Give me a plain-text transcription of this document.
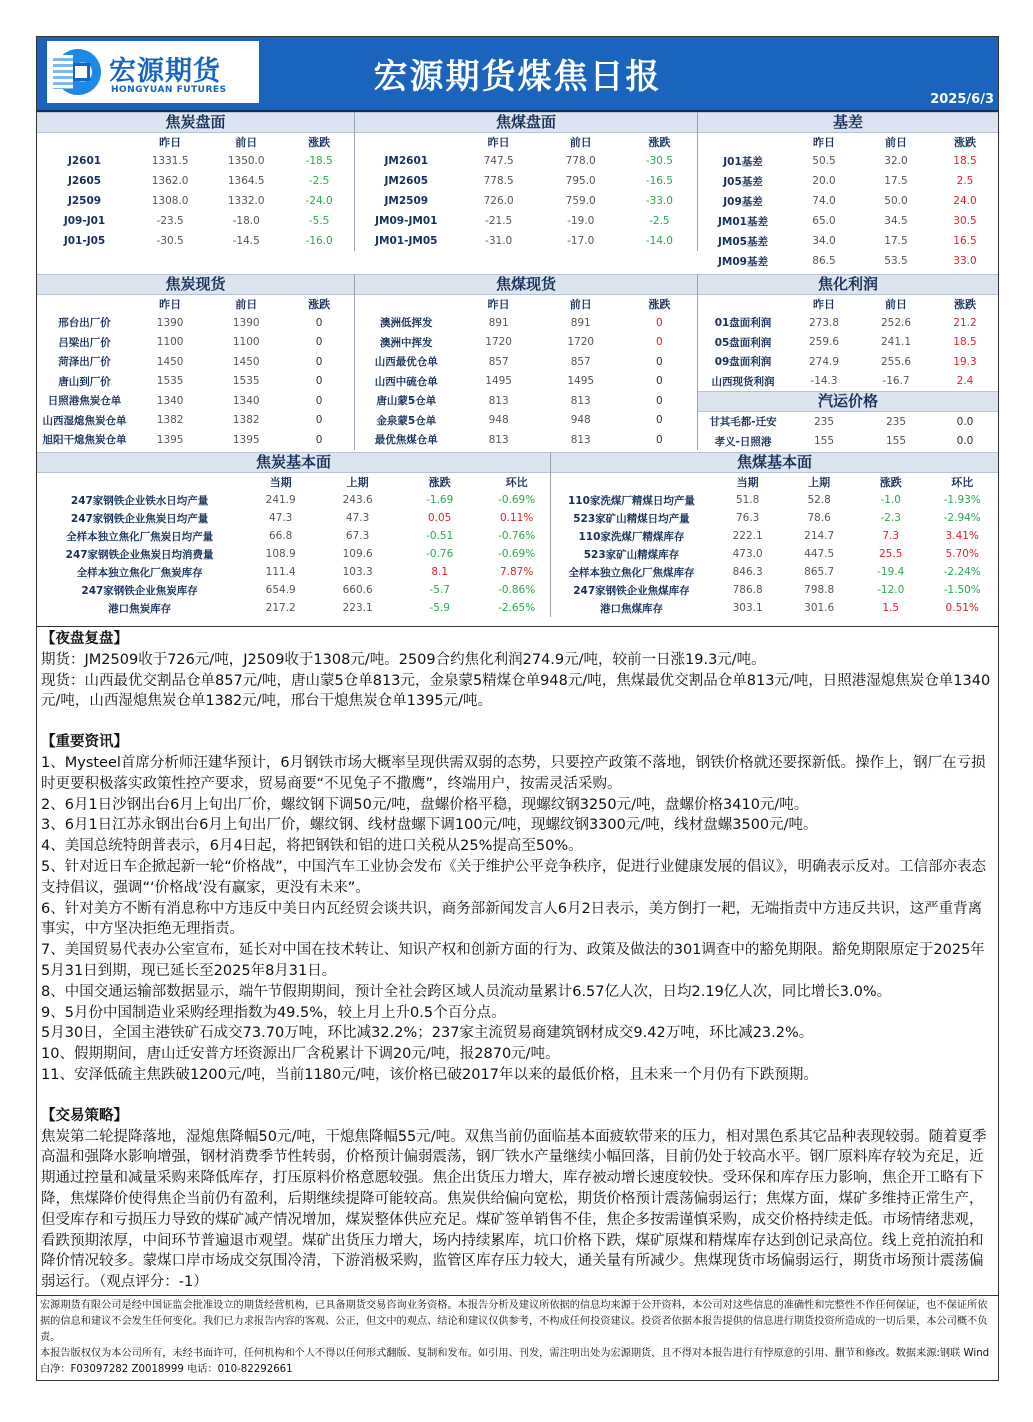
宏源期货
HONGYUAN FUTURES	宏源期货煤焦日报
2025/6/3
焦炭盘面
	昨日	前日	涨跌
J2601	1331.5	1350.0	-18.5
J2605	1362.0	1364.5	-2.5
J2509	1308.0	1332.0	-24.0
J09-J01	-23.5	-18.0	-5.5
J01-J05	-30.5	-14.5	-16.0
焦煤盘面
	昨日	前日	涨跌
JM2601	747.5	778.0	-30.5
JM2605	778.5	795.0	-16.5
JM2509	726.0	759.0	-33.0
JM09-JM01	-21.5	-19.0	-2.5
JM01-JM05	-31.0	-17.0	-14.0
基差
	昨日	前日	涨跌
J01基差	50.5	32.0	18.5
J05基差	20.0	17.5	2.5
J09基差	74.0	50.0	24.0
JM01基差	65.0	34.5	30.5
JM05基差	34.0	17.5	16.5
JM09基差	86.5	53.5	33.0
焦炭现货
	昨日	前日	涨跌
邢台出厂价	1390	1390	0
吕梁出厂价	1100	1100	0
菏泽出厂价	1450	1450	0
唐山到厂价	1535	1535	0
日照港焦炭仓单	1340	1340	0
山西湿熄焦炭仓单	1382	1382	0
旭阳干熄焦炭仓单	1395	1395	0
焦煤现货
	昨日	前日	涨跌
澳洲低挥发	891	891	0
澳洲中挥发	1720	1720	0
山西最优仓单	857	857	0
山西中硫仓单	1495	1495	0
唐山蒙5仓单	813	813	0
金泉蒙5仓单	948	948	0
最优焦煤仓单	813	813	0
焦化利润
	昨日	前日	涨跌
01盘面利润	273.8	252.6	21.2
05盘面利润	259.6	241.1	18.5
09盘面利润	274.9	255.6	19.3
山西现货利润	-14.3	-16.7	2.4
汽运价格
甘其毛都-迁安	235	235	0.0
孝义-日照港	155	155	0.0
焦炭基本面
	当期	上期	涨跌	环比
247家钢铁企业铁水日均产量	241.9	243.6	-1.69	-0.69%
247家钢铁企业焦炭日均产量	47.3	47.3	0.05	0.11%
全样本独立焦化厂焦炭日均产量	66.8	67.3	-0.51	-0.76%
247家钢铁企业焦炭日均消费量	108.9	109.6	-0.76	-0.69%
全样本独立焦化厂焦炭库存	111.4	103.3	8.1	7.87%
247家钢铁企业焦炭库存	654.9	660.6	-5.7	-0.86%
港口焦炭库存	217.2	223.1	-5.9	-2.65%
焦煤基本面
	当期	上期	涨跌	环比
110家洗煤厂精煤日均产量	51.8	52.8	-1.0	-1.93%
523家矿山精煤日均产量	76.3	78.6	-2.3	-2.94%
110家洗煤厂精煤库存	222.1	214.7	7.3	3.41%
523家矿山精煤库存	473.0	447.5	25.5	5.70%
全样本独立焦化厂焦煤库存	846.3	865.7	-19.4	-2.24%
247家钢铁企业焦煤库存	786.8	798.8	-12.0	-1.50%
港口焦煤库存	303.1	301.6	1.5	0.51%

【夜盘复盘】

期货：JM2509收于726元/吨，J2509收于1308元/吨。2509合约焦化利润274.9元/吨，较前一日涨19.3元/吨。

现货：山西最优交割品仓单857元/吨，唐山蒙5仓单813元，金泉蒙5精煤仓单948元/吨，焦煤最优交割品仓单813元/吨，日照港湿熄焦炭仓单1340元/吨，山西湿熄焦炭仓单1382元/吨，邢台干熄焦炭仓单1395元/吨。

【重要资讯】

1、Mysteel首席分析师汪建华预计，6月钢铁市场大概率呈现供需双弱的态势，只要控产政策不落地，钢铁价格就还要探新低。操作上，钢厂在亏损时更要积极落实政策性控产要求，贸易商要“不见兔子不撒鹰”，终端用户，按需灵活采购。

2、6月1日沙钢出台6月上旬出厂价，螺纹钢下调50元/吨，盘螺价格平稳，现螺纹钢3250元/吨，盘螺价格3410元/吨。

3、6月1日江苏永钢出台6月上旬出厂价，螺纹钢、线材盘螺下调100元/吨，现螺纹钢3300元/吨，线材盘螺3500元/吨。

4、美国总统特朗普表示，6月4日起，将把钢铁和铝的进口关税从25%提高至50%。

5、针对近日车企掀起新一轮“价格战”，中国汽车工业协会发布《关于维护公平竞争秩序，促进行业健康发展的倡议》，明确表示反对。工信部亦表态支持倡议，强调“‘价格战’没有赢家，更没有未来”。

6、针对美方不断有消息称中方违反中美日内瓦经贸会谈共识，商务部新闻发言人6月2日表示，美方倒打一耙，无端指责中方违反共识，这严重背离事实，中方坚决拒绝无理指责。

7、美国贸易代表办公室宣布，延长对中国在技术转让、知识产权和创新方面的行为、政策及做法的301调查中的豁免期限。豁免期限原定于2025年5月31日到期，现已延长至2025年8月31日。

8、中国交通运输部数据显示，端午节假期期间，预计全社会跨区域人员流动量累计6.57亿人次，日均2.19亿人次，同比增长3.0%。

9、5月份中国制造业采购经理指数为49.5%，较上月上升0.5个百分点。

5月30日，全国主港铁矿石成交73.70万吨，环比减32.2%；237家主流贸易商建筑钢材成交9.42万吨，环比减23.2%。

10、假期期间，唐山迁安普方坯资源出厂含税累计下调20元/吨，报2870元/吨。

11、安泽低硫主焦跌破1200元/吨，当前1180元/吨，该价格已破2017年以来的最低价格，且未来一个月仍有下跌预期。

【交易策略】

焦炭第二轮提降落地，湿熄焦降幅50元/吨，干熄焦降幅55元/吨。双焦当前仍面临基本面疲软带来的压力，相对黑色系其它品种表现较弱。随着夏季高温和强降水影响增强，钢材消费季节性转弱，价格预计偏弱震荡，钢厂铁水产量继续小幅回落，目前仍处于较高水平。钢厂原料库存较为充足，近期通过控量和减量采购来降低库存，打压原料价格意愿较强。焦企出货压力增大，库存被动增长速度较快。受环保和库存压力影响，焦企开工略有下降，焦煤降价使得焦企当前仍有盈利，后期继续提降可能较高。焦炭供给偏向宽松，期货价格预计震荡偏弱运行；焦煤方面，煤矿多维持正常生产，但受库存和亏损压力导致的煤矿减产情况增加，煤炭整体供应充足。煤矿签单销售不佳，焦企多按需谨慎采购，成交价格持续走低。市场情绪悲观，看跌预期浓厚，中间环节普遍退市观望。煤矿出货压力增大，场内持续累库，坑口价格下跌，煤矿原煤和精煤库存达到创记录高位。线上竞拍流拍和降价情况较多。蒙煤口岸市场成交氛围冷清，下游消极采购，监管区库存压力较大，通关量有所减少。焦煤现货市场偏弱运行，期货市场预计震荡偏弱运行。（观点评分：-1）

宏源期货有限公司是经中国证监会批准设立的期货经营机构，已具备期货交易咨询业务资格。本报告分析及建议所依据的信息均来源于公开资料，本公司对这些信息的准确性和完整性不作任何保证，也不保证所依据的信息和建议不会发生任何变化。我们已力求报告内容的客观、公正，但文中的观点、结论和建议仅供参考，不构成任何投资建议。投资者依据本报告提供的信息进行期货投资所造成的一切后果，本公司概不负责。

本报告版权仅为本公司所有，未经书面许可，任何机构和个人不得以任何形式翻版、复制和发布。如引用、刊发，需注明出处为宏源期货，且不得对本报告进行有悖原意的引用、删节和修改。数据来源:钢联 Wind 白净：F03097282 Z0018999 电话：010-82292661
